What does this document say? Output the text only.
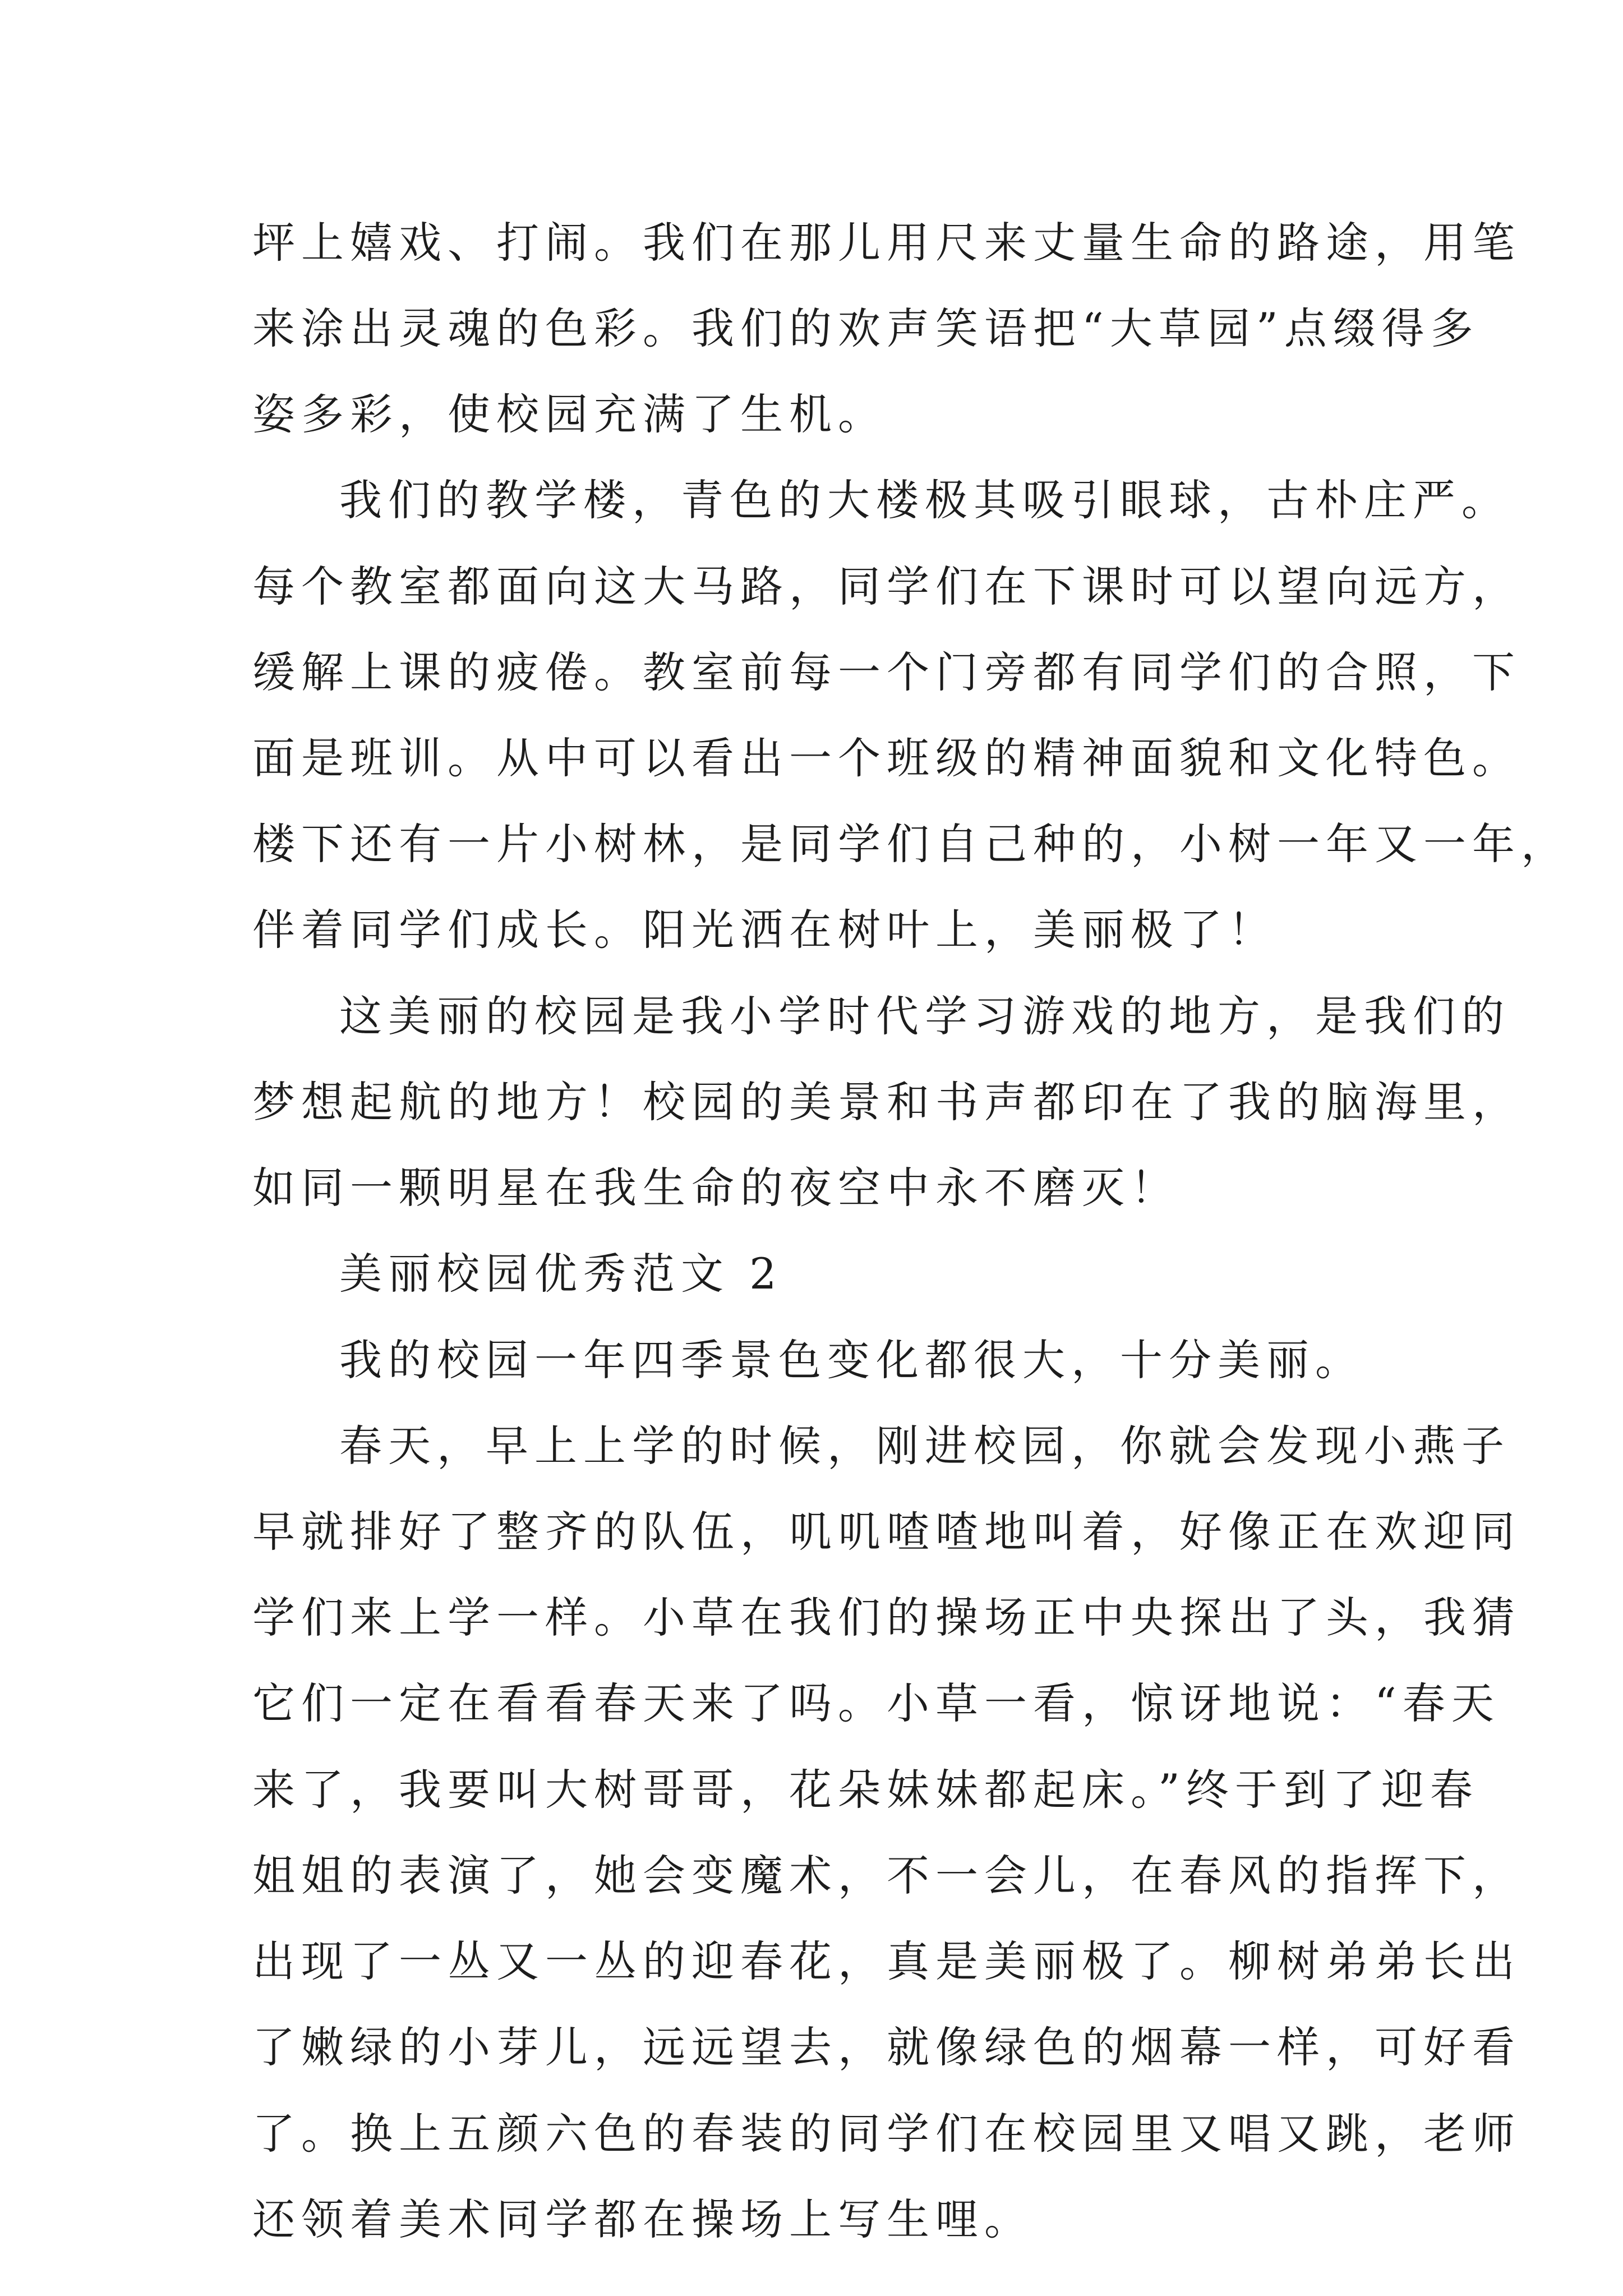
坪上嬉戏、打闹。我们在那儿用尺来丈量生命的路途，用笔
来涂出灵魂的色彩。我们的欢声笑语把“大草园”点缀得多
姿多彩，使校园充满了生机。
我们的教学楼，青色的大楼极其吸引眼球，古朴庄严。
每个教室都面向这大马路，同学们在下课时可以望向远方，
缓解上课的疲倦。教室前每一个门旁都有同学们的合照，下
面是班训。从中可以看出一个班级的精神面貌和文化特色。
楼下还有一片小树林，是同学们自己种的，小树一年又一年，
伴着同学们成长。阳光洒在树叶上，美丽极了！
这美丽的校园是我小学时代学习游戏的地方，是我们的
梦想起航的地方！校园的美景和书声都印在了我的脑海里，
如同一颗明星在我生命的夜空中永不磨灭！
美丽校园优秀范文 2
我的校园一年四季景色变化都很大，十分美丽。
春天，早上上学的时候，刚进校园，你就会发现小燕子
早就排好了整齐的队伍，叽叽喳喳地叫着，好像正在欢迎同
学们来上学一样。小草在我们的操场正中央探出了头，我猜
它们一定在看看春天来了吗。小草一看，惊讶地说：“春天
来了，我要叫大树哥哥，花朵妹妹都起床。”终于到了迎春
姐姐的表演了，她会变魔术，不一会儿，在春风的指挥下，
出现了一丛又一丛的迎春花，真是美丽极了。柳树弟弟长出
了嫩绿的小芽儿，远远望去，就像绿色的烟幕一样，可好看
了。换上五颜六色的春装的同学们在校园里又唱又跳，老师
还领着美术同学都在操场上写生哩。
